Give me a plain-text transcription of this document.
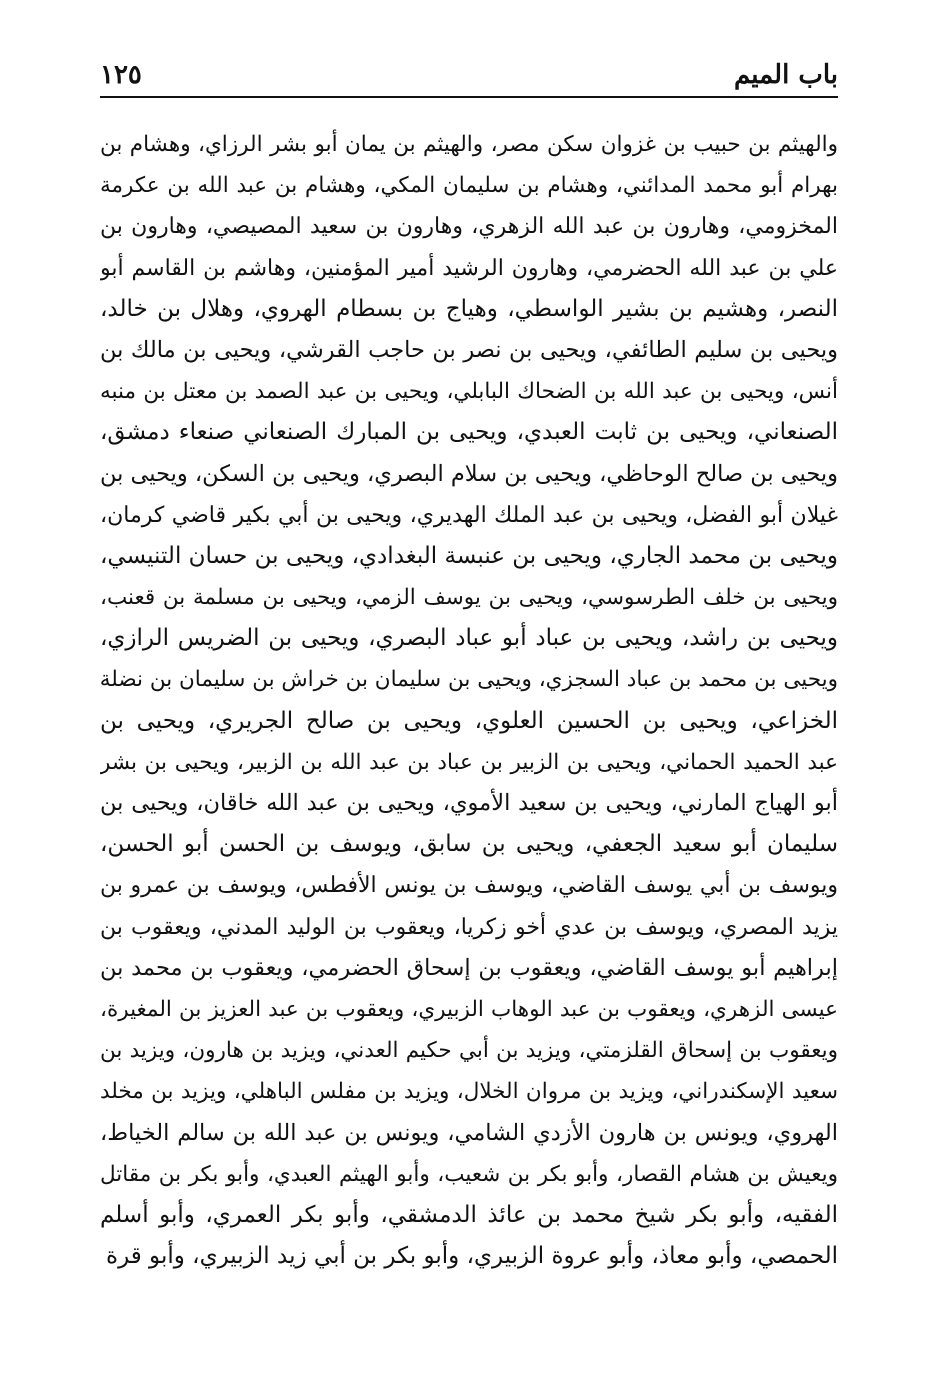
باب الميم
١٢٥
والهيثم بن حبيب بن غزوان سكن مصر، والهيثم بن يمان أبو بشر الرزاي، وهشام بن
بهرام أبو محمد المدائني، وهشام بن سليمان المكي، وهشام بن عبد الله بن عكرمة
المخزومي، وهارون بن عبد الله الزهري، وهارون بن سعيد المصيصي، وهارون بن
علي بن عبد الله الحضرمي، وهارون الرشيد أمير المؤمنين، وهاشم بن القاسم أبو
النصر، وهشيم بن بشير الواسطي، وهياج بن بسطام الهروي، وهلال بن خالد،
ويحيى بن سليم الطائفي، ويحيى بن نصر بن حاجب القرشي، ويحيى بن مالك بن
أنس، ويحيى بن عبد الله بن الضحاك البابلي، ويحيى بن عبد الصمد بن معتل بن منبه
الصنعاني، ويحيى بن ثابت العبدي، ويحيى بن المبارك الصنعاني صنعاء دمشق،
ويحيى بن صالح الوحاظي، ويحيى بن سلام البصري، ويحيى بن السكن، ويحيى بن
غيلان أبو الفضل، ويحيى بن عبد الملك الهديري، ويحيى بن أبي بكير قاضي كرمان،
ويحيى بن محمد الجاري، ويحيى بن عنبسة البغدادي، ويحيى بن حسان التنيسي،
ويحيى بن خلف الطرسوسي، ويحيى بن يوسف الزمي، ويحيى بن مسلمة بن قعنب،
ويحيى بن راشد، ويحيى بن عباد أبو عباد البصري، ويحيى بن الضريس الرازي،
ويحيى بن محمد بن عباد السجزي، ويحيى بن سليمان بن خراش بن سليمان بن نضلة
الخزاعي، ويحيى بن الحسين العلوي، ويحيى بن صالح الجريري، ويحيى بن
عبد الحميد الحماني، ويحيى بن الزبير بن عباد بن عبد الله بن الزبير، ويحيى بن بشر
أبو الهياج المارني، ويحيى بن سعيد الأموي، ويحيى بن عبد الله خاقان، ويحيى بن
سليمان أبو سعيد الجعفي، ويحيى بن سابق، ويوسف بن الحسن أبو الحسن،
ويوسف بن أبي يوسف القاضي، ويوسف بن يونس الأفطس، ويوسف بن عمرو بن
يزيد المصري، ويوسف بن عدي أخو زكريا، ويعقوب بن الوليد المدني، ويعقوب بن
إبراهيم أبو يوسف القاضي، ويعقوب بن إسحاق الحضرمي، ويعقوب بن محمد بن
عيسى الزهري، ويعقوب بن عبد الوهاب الزبيري، ويعقوب بن عبد العزيز بن المغيرة،
ويعقوب بن إسحاق القلزمتي، ويزيد بن أبي حكيم العدني، ويزيد بن هارون، ويزيد بن
سعيد الإسكندراني، ويزيد بن مروان الخلال، ويزيد بن مفلس الباهلي، ويزيد بن مخلد
الهروي، ويونس بن هارون الأزدي الشامي، ويونس بن عبد الله بن سالم الخياط،
ويعيش بن هشام القصار، وأبو بكر بن شعيب، وأبو الهيثم العبدي، وأبو بكر بن مقاتل
الفقيه، وأبو بكر شيخ محمد بن عائذ الدمشقي، وأبو بكر العمري، وأبو أسلم
الحمصي، وأبو معاذ، وأبو عروة الزبيري، وأبو بكر بن أبي زيد الزبيري، وأبو قرة
